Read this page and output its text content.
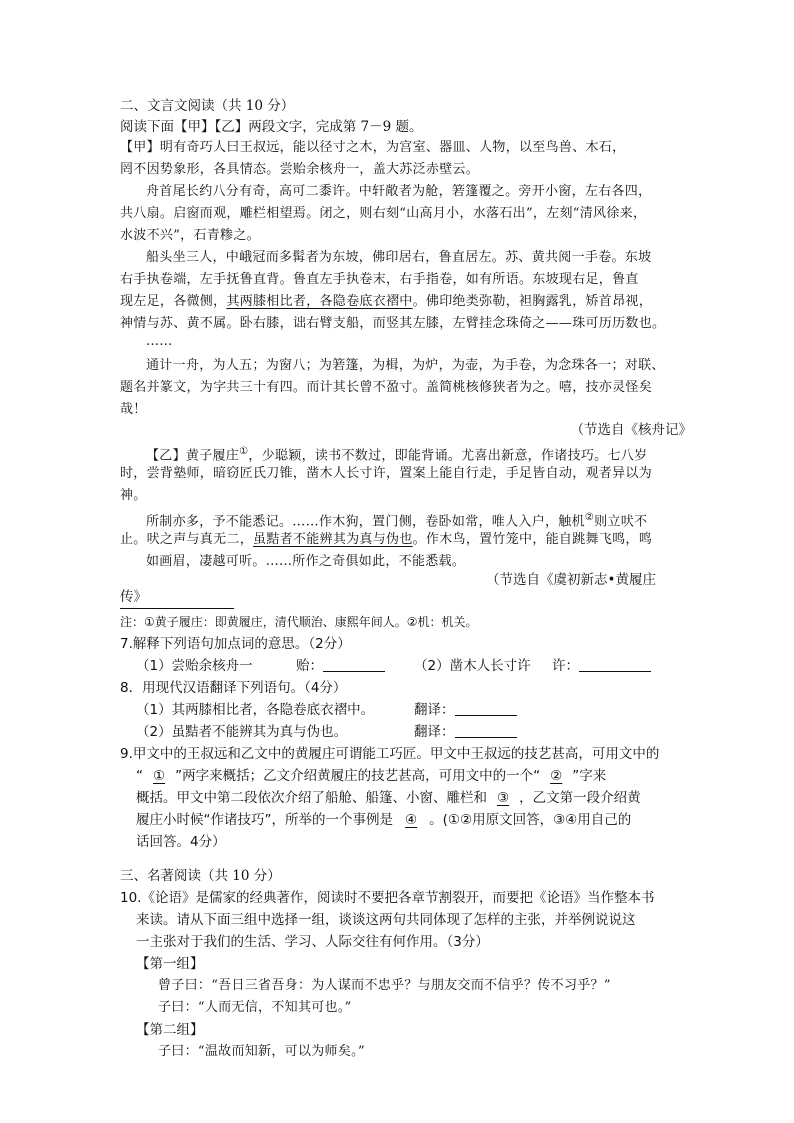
二、文言文阅读（共 10 分）
阅读下面【甲】【乙】两段文字，完成第 7－9 题。
【甲】明有奇巧人曰王叔远，能以径寸之木，为宫室、器皿、人物，以至鸟兽、木石，
罔不因势象形，各具情态。尝贻余核舟一，盖大苏泛赤壁云。
舟首尾长约八分有奇，高可二黍许。中轩敞者为舱，箬篷覆之。旁开小窗，左右各四，
共八扇。启窗而观，雕栏相望焉。闭之，则右刻“山高月小，水落石出”，左刻“清风徐来，
水波不兴”，石青糁之。
船头坐三人，中峨冠而多髯者为东坡，佛印居右，鲁直居左。苏、黄共阅一手卷。东坡
右手执卷端，左手抚鲁直背。鲁直左手执卷末，右手指卷，如有所语。东坡现右足，鲁直
现左足，各微侧，其两膝相比者，各隐卷底衣褶中。佛印绝类弥勒，袒胸露乳，矫首昂视，
神情与苏、黄不属。卧右膝，诎右臂支船，而竖其左膝，左臂挂念珠倚之——珠可历历数也。
……
通计一舟，为人五；为窗八；为箬篷，为楫，为炉，为壶，为手卷，为念珠各一；对联、
题名并篆文，为字共三十有四。而计其长曾不盈寸。盖简桃核修狭者为之。嘻，技亦灵怪矣
哉！
（节选自《核舟记》
【乙】黄子履庄①，少聪颖，读书不数过，即能背诵。尤喜出新意，作诸技巧。七八岁
时，尝背塾师，暗窃匠氏刀锥，凿木人长寸许，置案上能自行走，手足皆自动，观者异以为
神。
所制亦多，予不能悉记。……作木狗，置门侧，卷卧如常，唯人入户，触机②则立吠不
止。吠之声与真无二，虽黠者不能辨其为真与伪也。作木鸟，置竹笼中，能自跳舞飞鸣，鸣
如画眉，凄越可听。……所作之奇俱如此，不能悉载。
（节选自《虞初新志•黄履庄
传》
注：①黄子履庄：即黄履庄，清代顺治、康熙年间人。②机：机关。
7.解释下列语句加点词的意思。（2分）
（1）尝贻余核舟一	贻：	（2）凿木人长寸许 许：
8．用现代汉语翻译下列语句。（4分）
（1）其两膝相比者，各隐卷底衣褶中。	翻译：
（2）虽黠者不能辨其为真与伪也。	翻译：
9.甲文中的王叔远和乙文中的黄履庄可谓能工巧匠。甲文中王叔远的技艺甚高，可用文中的
“ ① ”两字来概括；乙文介绍黄履庄的技艺甚高，可用文中的一个“ ② ”字来
概括。甲文中第二段依次介绍了船舱、船篷、小窗、雕栏和 ③ ，乙文第一段介绍黄
履庄小时候“作诸技巧”，所举的一个事例是 ④ 。(①②用原文回答，③④用自己的
话回答。4分）
三、名著阅读（共 10 分）
10.《论语》是儒家的经典著作，阅读时不要把各章节割裂开，而要把《论语》当作整本书
来读。请从下面三组中选择一组，谈谈这两句共同体现了怎样的主张，并举例说说这
一主张对于我们的生活、学习、人际交往有何作用。（3分）
【第一组】
曾子曰：“吾日三省吾身：为人谋而不忠乎？与朋友交而不信乎？传不习乎？”
子曰：“人而无信，不知其可也。”
【第二组】
子曰：“温故而知新，可以为师矣。”
